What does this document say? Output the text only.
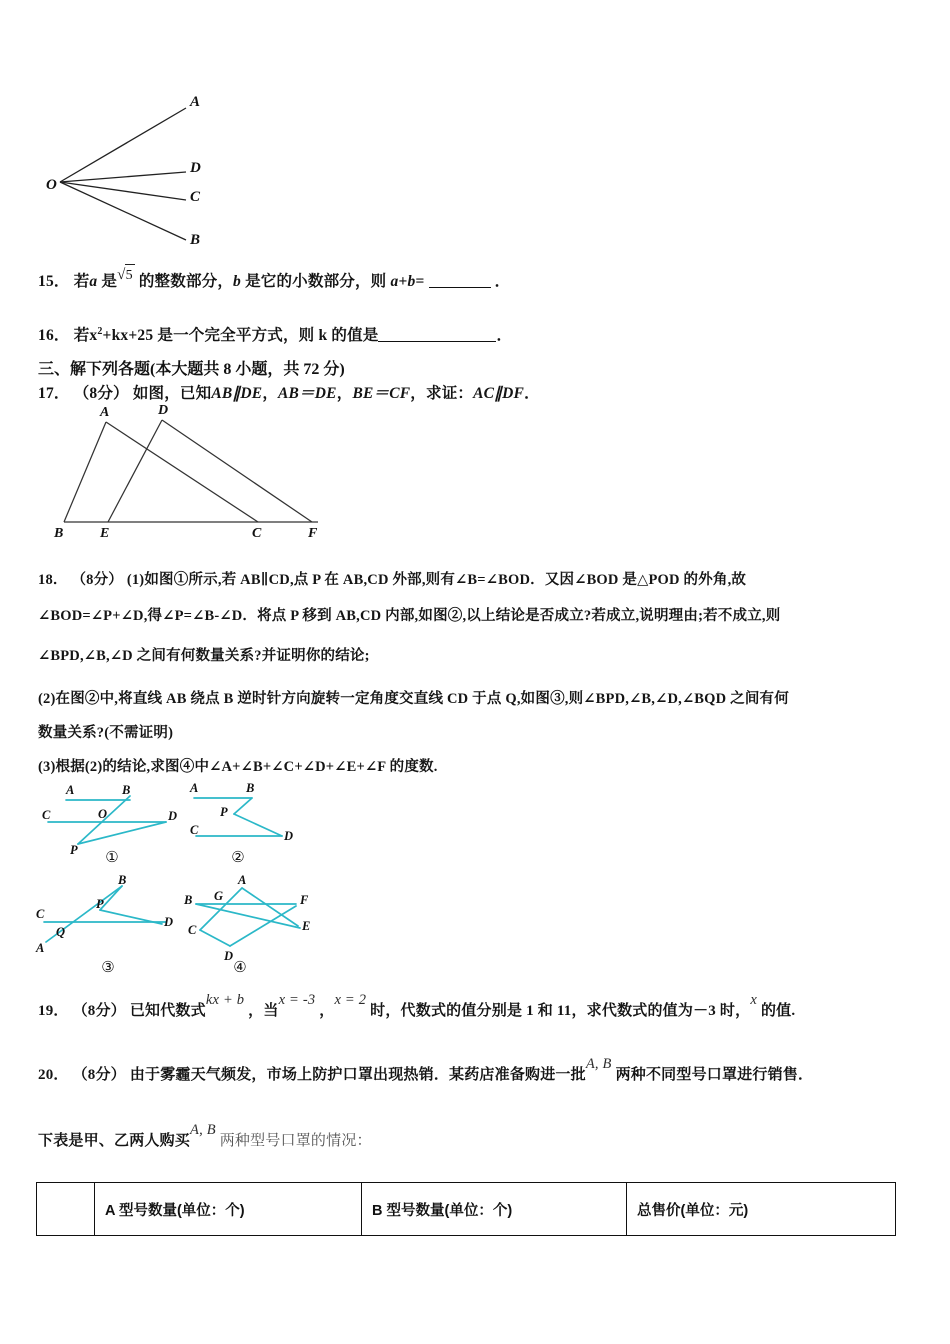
O
A
D
C
B
15． 若a 是√5 的整数部分，b 是它的小数部分，则 a+b=	．
16． 若$x^2+kx+25$ 是一个完全平方式，则 k 的值是	．
三、解下列各题(本大题共 8 小题，共 72 分)
17． （8分） 如图，已知AB∥DE，AB＝DE，BE＝CF，求证：AC∥DF．
A	D
B	E	C	F
18． （8分） (1)如图①所示,若 AB∥CD,点 P 在 AB,CD 外部,则有∠B=∠BOD．又因∠BOD 是△POD 的外角,故
∠BOD=∠P+∠D,得∠P=∠B-∠D．将点 P 移到 AB,CD 内部,如图②,以上结论是否成立?若成立,说明理由;若不成立,则
∠BPD,∠B,∠D 之间有何数量关系?并证明你的结论;
(2)在图②中,将直线 AB 绕点 B 逆时针方向旋转一定角度交直线 CD 于点 Q,如图③,则∠BPD,∠B,∠D,∠BQD 之间有何
数量关系?(不需证明)
(3)根据(2)的结论,求图④中∠A+∠B+∠C+∠D+∠E+∠F 的度数.
A	B
C	O	D
P	①
A	B
P
C	D
②
B
C
P
D
Q
A
③
A
G
B	F
C	E
D
④
19． （8分） 已知代数式kx + b ，当x = -3 ，x = 2 时，代数式的值分别是 1 和 11，求代数式的值为－3 时，x 的值.
20． （8分） 由于雾霾天气频发，市场上防护口罩出现热销．某药店准备购进一批A, B 两种不同型号口罩进行销售．
下表是甲、乙两人购买A, B 两种型号口罩的情况：
	A 型号数量(单位：个)	B 型号数量(单位：个)	总售价(单位：元)
